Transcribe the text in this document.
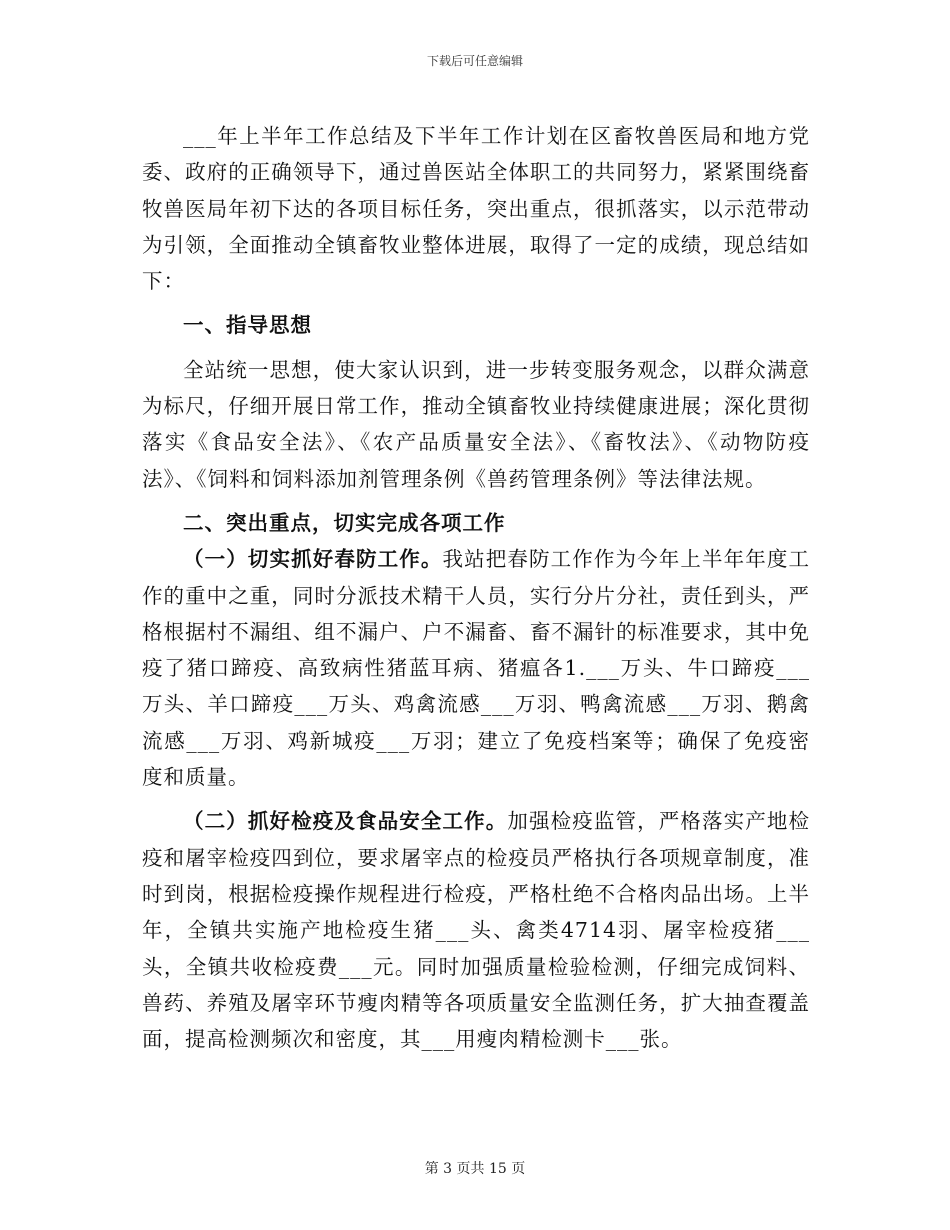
下载后可任意编辑

___年上半年工作总结及下半年工作计划在区畜牧兽医局和地方党委、政府的正确领导下，通过兽医站全体职工的共同努力，紧紧围绕畜牧兽医局年初下达的各项目标任务，突出重点，很抓落实，以示范带动为引领，全面推动全镇畜牧业整体进展，取得了一定的成绩，现总结如下：

一、指导思想

全站统一思想，使大家认识到，进一步转变服务观念，以群众满意为标尺，仔细开展日常工作，推动全镇畜牧业持续健康进展；深化贯彻落实《食品安全法》、《农产品质量安全法》、《畜牧法》、《动物防疫法》、《饲料和饲料添加剂管理条例《兽药管理条例》等法律法规。

二、突出重点，切实完成各项工作

（一）切实抓好春防工作。我站把春防工作作为今年上半年年度工作的重中之重，同时分派技术精干人员，实行分片分社，责任到头，严格根据村不漏组、组不漏户、户不漏畜、畜不漏针的标准要求，其中免疫了猪口蹄疫、高致病性猪蓝耳病、猪瘟各1.___万头、牛口蹄疫___万头、羊口蹄疫___万头、鸡禽流感___万羽、鸭禽流感___万羽、鹅禽流感___万羽、鸡新城疫___万羽；建立了免疫档案等；确保了免疫密度和质量。

（二）抓好检疫及食品安全工作。加强检疫监管，严格落实产地检疫和屠宰检疫四到位，要求屠宰点的检疫员严格执行各项规章制度，准时到岗，根据检疫操作规程进行检疫，严格杜绝不合格肉品出场。上半年，全镇共实施产地检疫生猪___头、禽类4714羽、屠宰检疫猪___头，全镇共收检疫费___元。同时加强质量检验检测，仔细完成饲料、兽药、养殖及屠宰环节瘦肉精等各项质量安全监测任务，扩大抽查覆盖面，提高检测频次和密度，其___用瘦肉精检测卡___张。

第 3 页共 15 页
